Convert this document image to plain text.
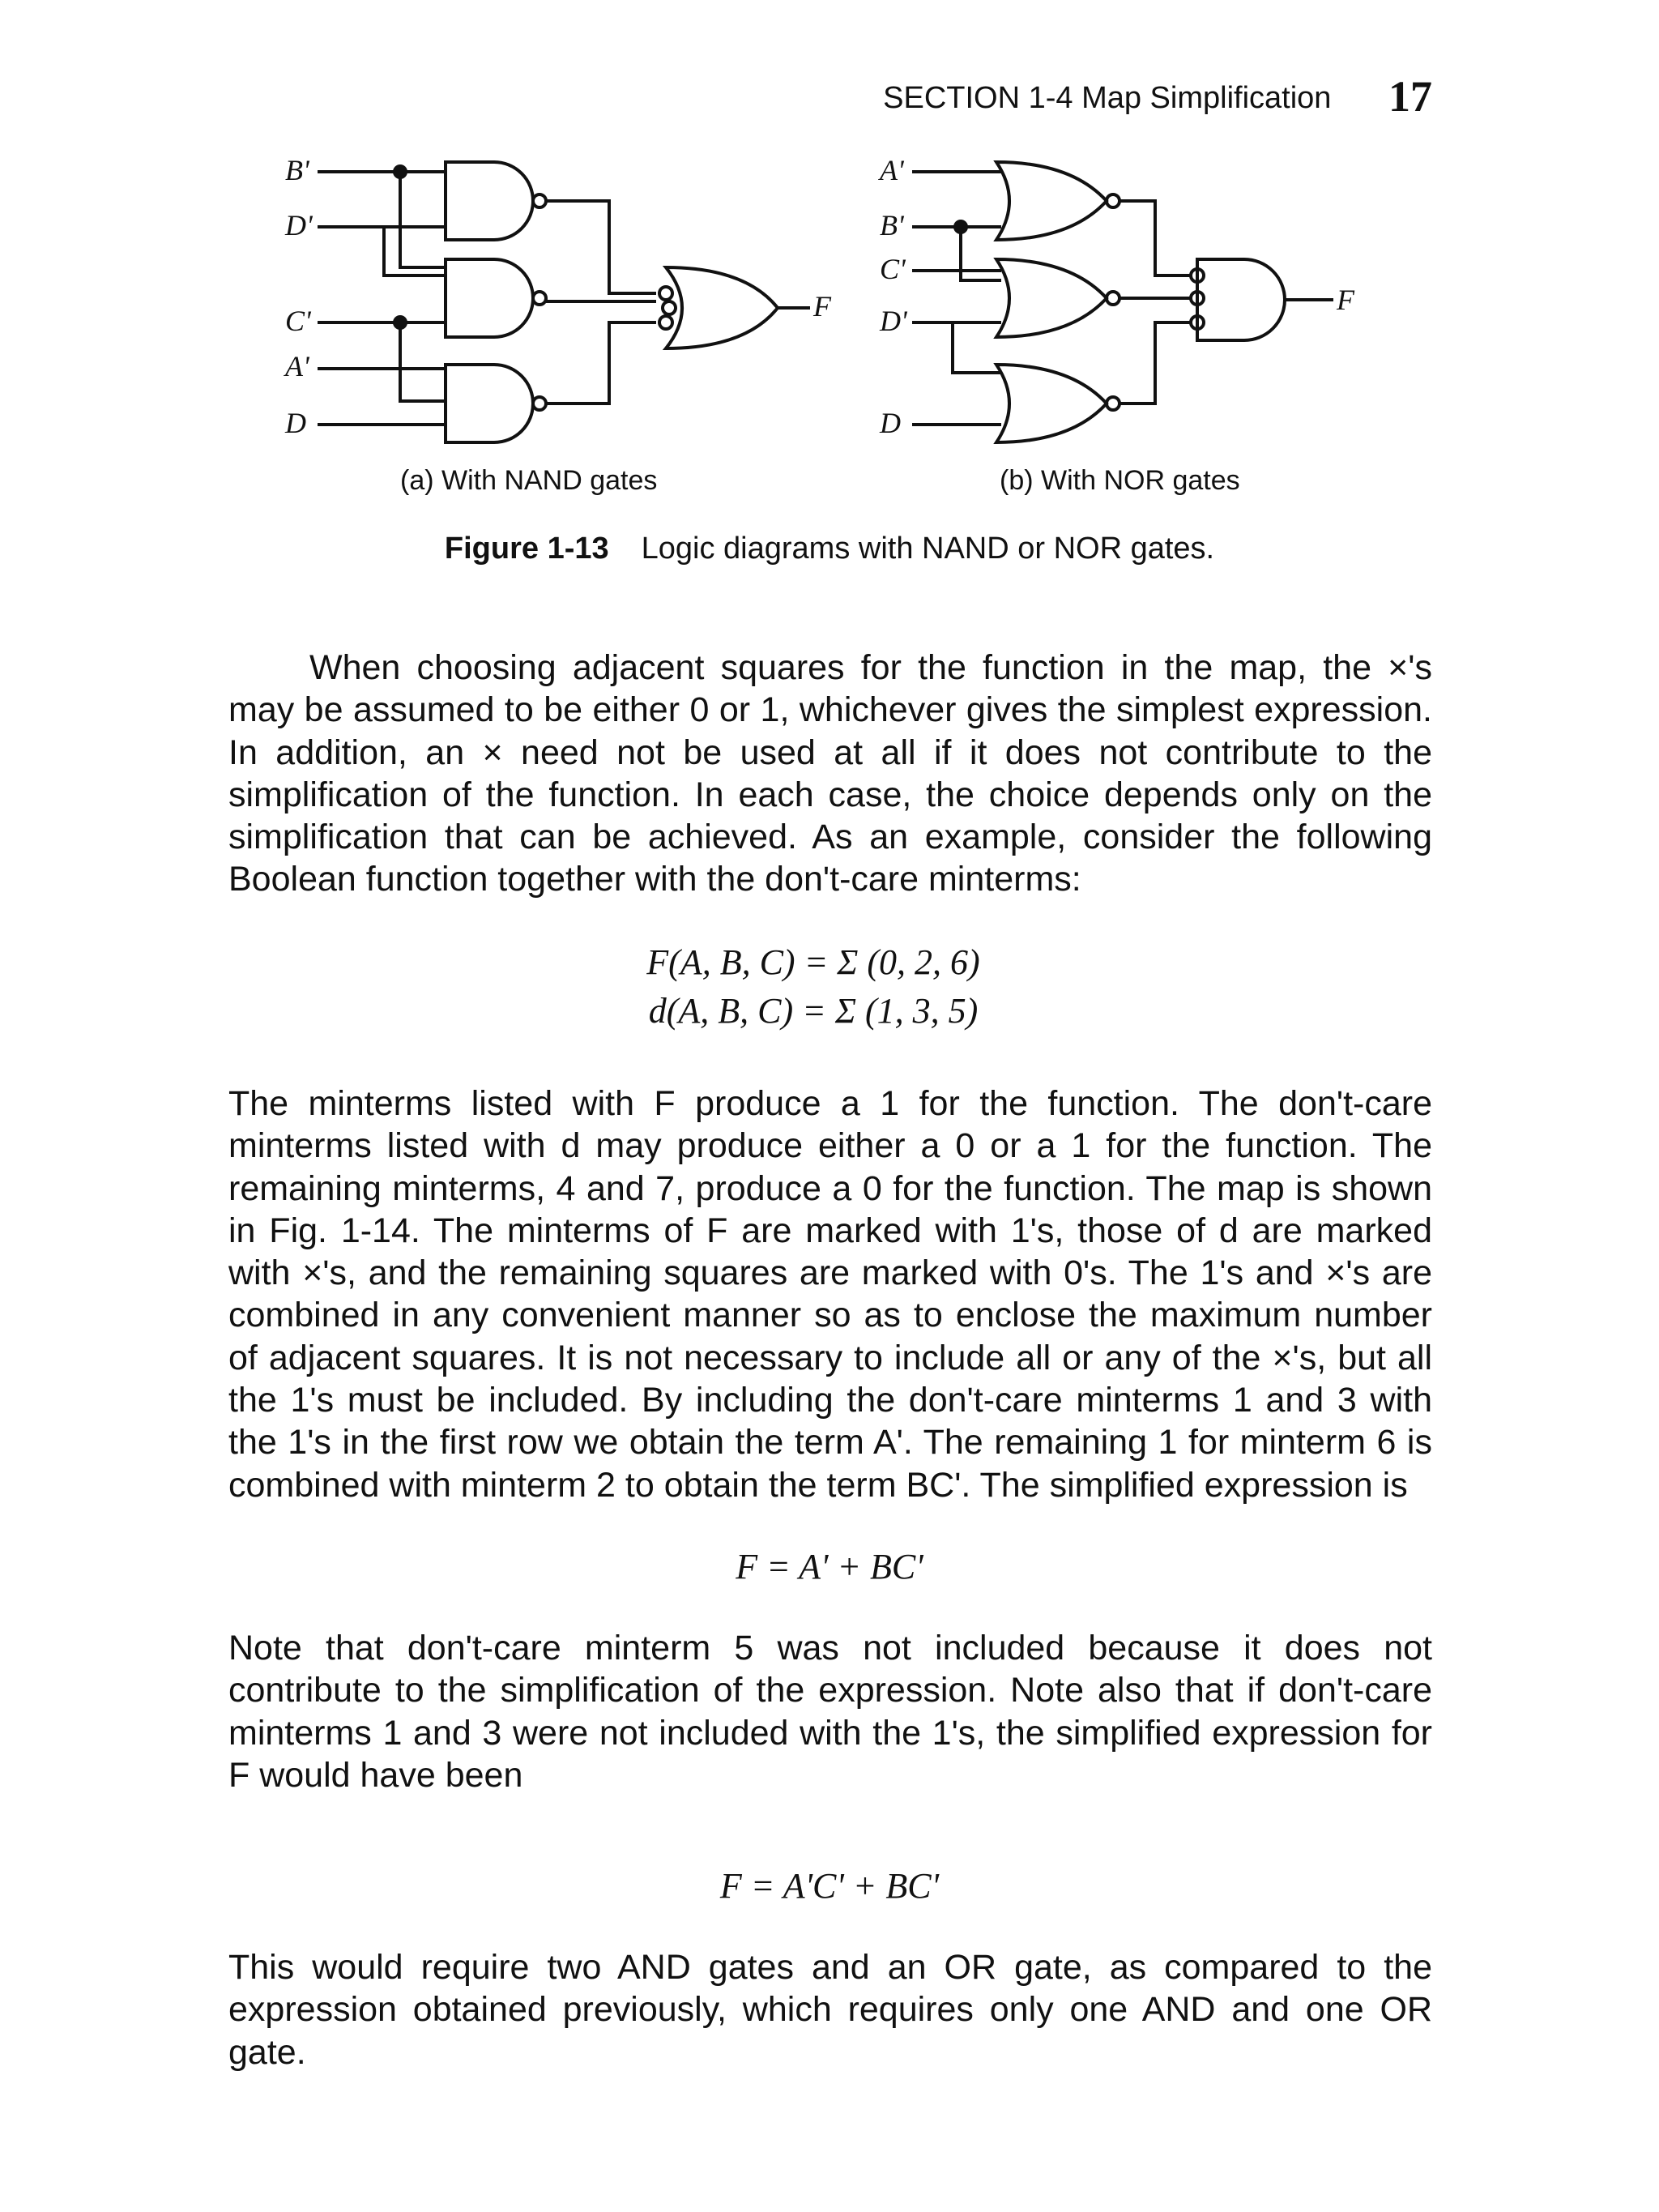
SECTION 1-4 Map Simplification 17
B'
D'
C'
A'
D
F
A'
B'
C'
D'
D
F
(a) With NAND gates	(b) With NOR gates
Figure 1-13 Logic diagrams with NAND or NOR gates.

When choosing adjacent squares for the function in the map, the ×'s may be assumed to be either 0 or 1, whichever gives the simplest expression. In addition, an × need not be used at all if it does not contribute to the simplification of the function. In each case, the choice depends only on the simplification that can be achieved. As an example, consider the following Boolean function together with the don't-care minterms:

F(A, B, C) = Σ (0, 2, 6)
d(A, B, C) = Σ (1, 3, 5)

The minterms listed with F produce a 1 for the function. The don't-care minterms listed with d may produce either a 0 or a 1 for the function. The remaining minterms, 4 and 7, produce a 0 for the function. The map is shown in Fig. 1-14. The minterms of F are marked with 1's, those of d are marked with ×'s, and the remaining squares are marked with 0's. The 1's and ×'s are combined in any convenient manner so as to enclose the maximum number of adjacent squares. It is not necessary to include all or any of the ×'s, but all the 1's must be included. By including the don't-care minterms 1 and 3 with the 1's in the first row we obtain the term A'. The remaining 1 for minterm 6 is combined with minterm 2 to obtain the term BC'. The simplified expression is

F = A' + BC'

Note that don't-care minterm 5 was not included because it does not contribute to the simplification of the expression. Note also that if don't-care minterms 1 and 3 were not included with the 1's, the simplified expression for F would have been

F = A'C' + BC'

This would require two AND gates and an OR gate, as compared to the expression obtained previously, which requires only one AND and one OR gate.
